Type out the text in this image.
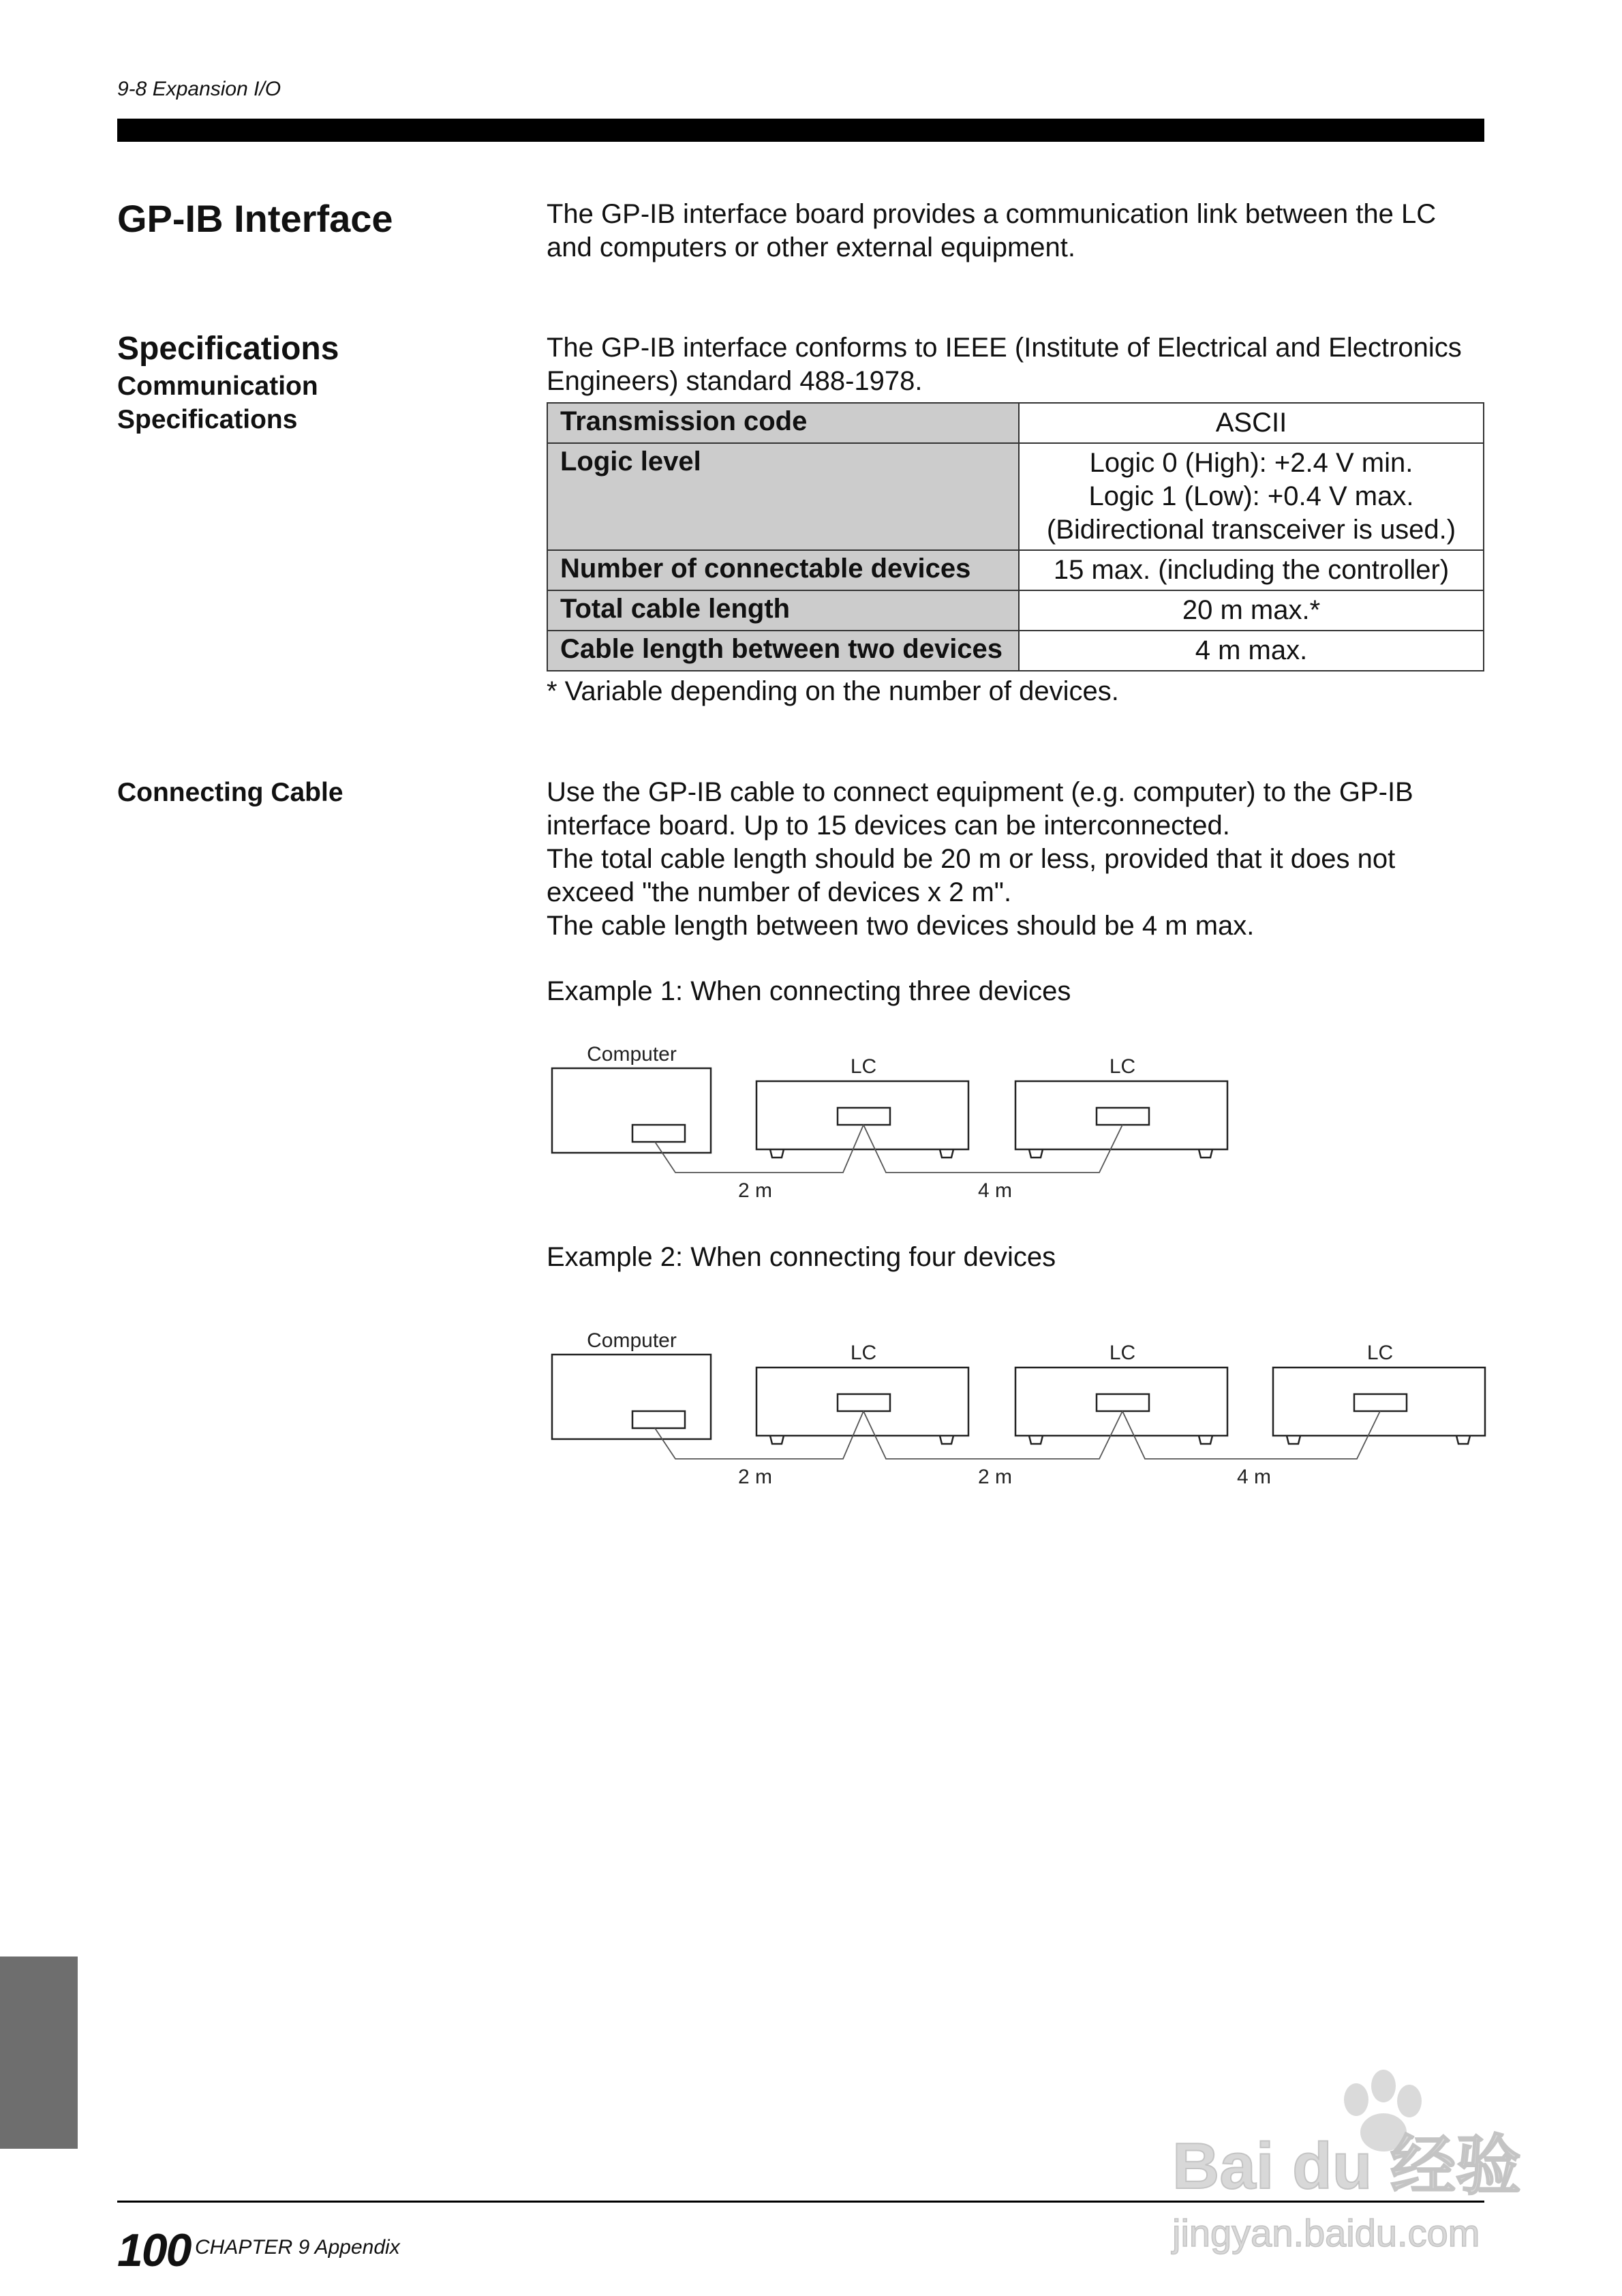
9-8 Expansion I/O
GP-IB Interface	The GP-IB interface board provides a communication link between the LC
and computers or other external equipment.
Specifications
Communication
Specifications
The GP-IB interface conforms to IEEE (Institute of Electrical and Electronics
Engineers) standard 488-1978.
Transmission code	ASCII

Logic level	Logic 0 (High): +2.4 V min.
Logic 1 (Low): +0.4 V max.
(Bidirectional transceiver is used.)

Number of connectable devices	15 max. (including the controller)

Total cable length	20 m max.*

Cable length between two devices	4 m max.
* Variable depending on the number of devices.
Connecting Cable	Use the GP-IB cable to connect equipment (e.g. computer) to the GP-IB
interface board. Up to 15 devices can be interconnected.
The total cable length should be 20 m or less, provided that it does not
exceed "the number of devices x 2 m".
The cable length between two devices should be 4 m max.
Example 1: When connecting three devices
Computer
LC	LC
2 m	4 m
Example 2: When connecting four devices
Computer
LC	LC	LC
2 m	2 m	4 m
100 CHAPTER 9 Appendix
Bai du 经验
jingyan.baidu.com
